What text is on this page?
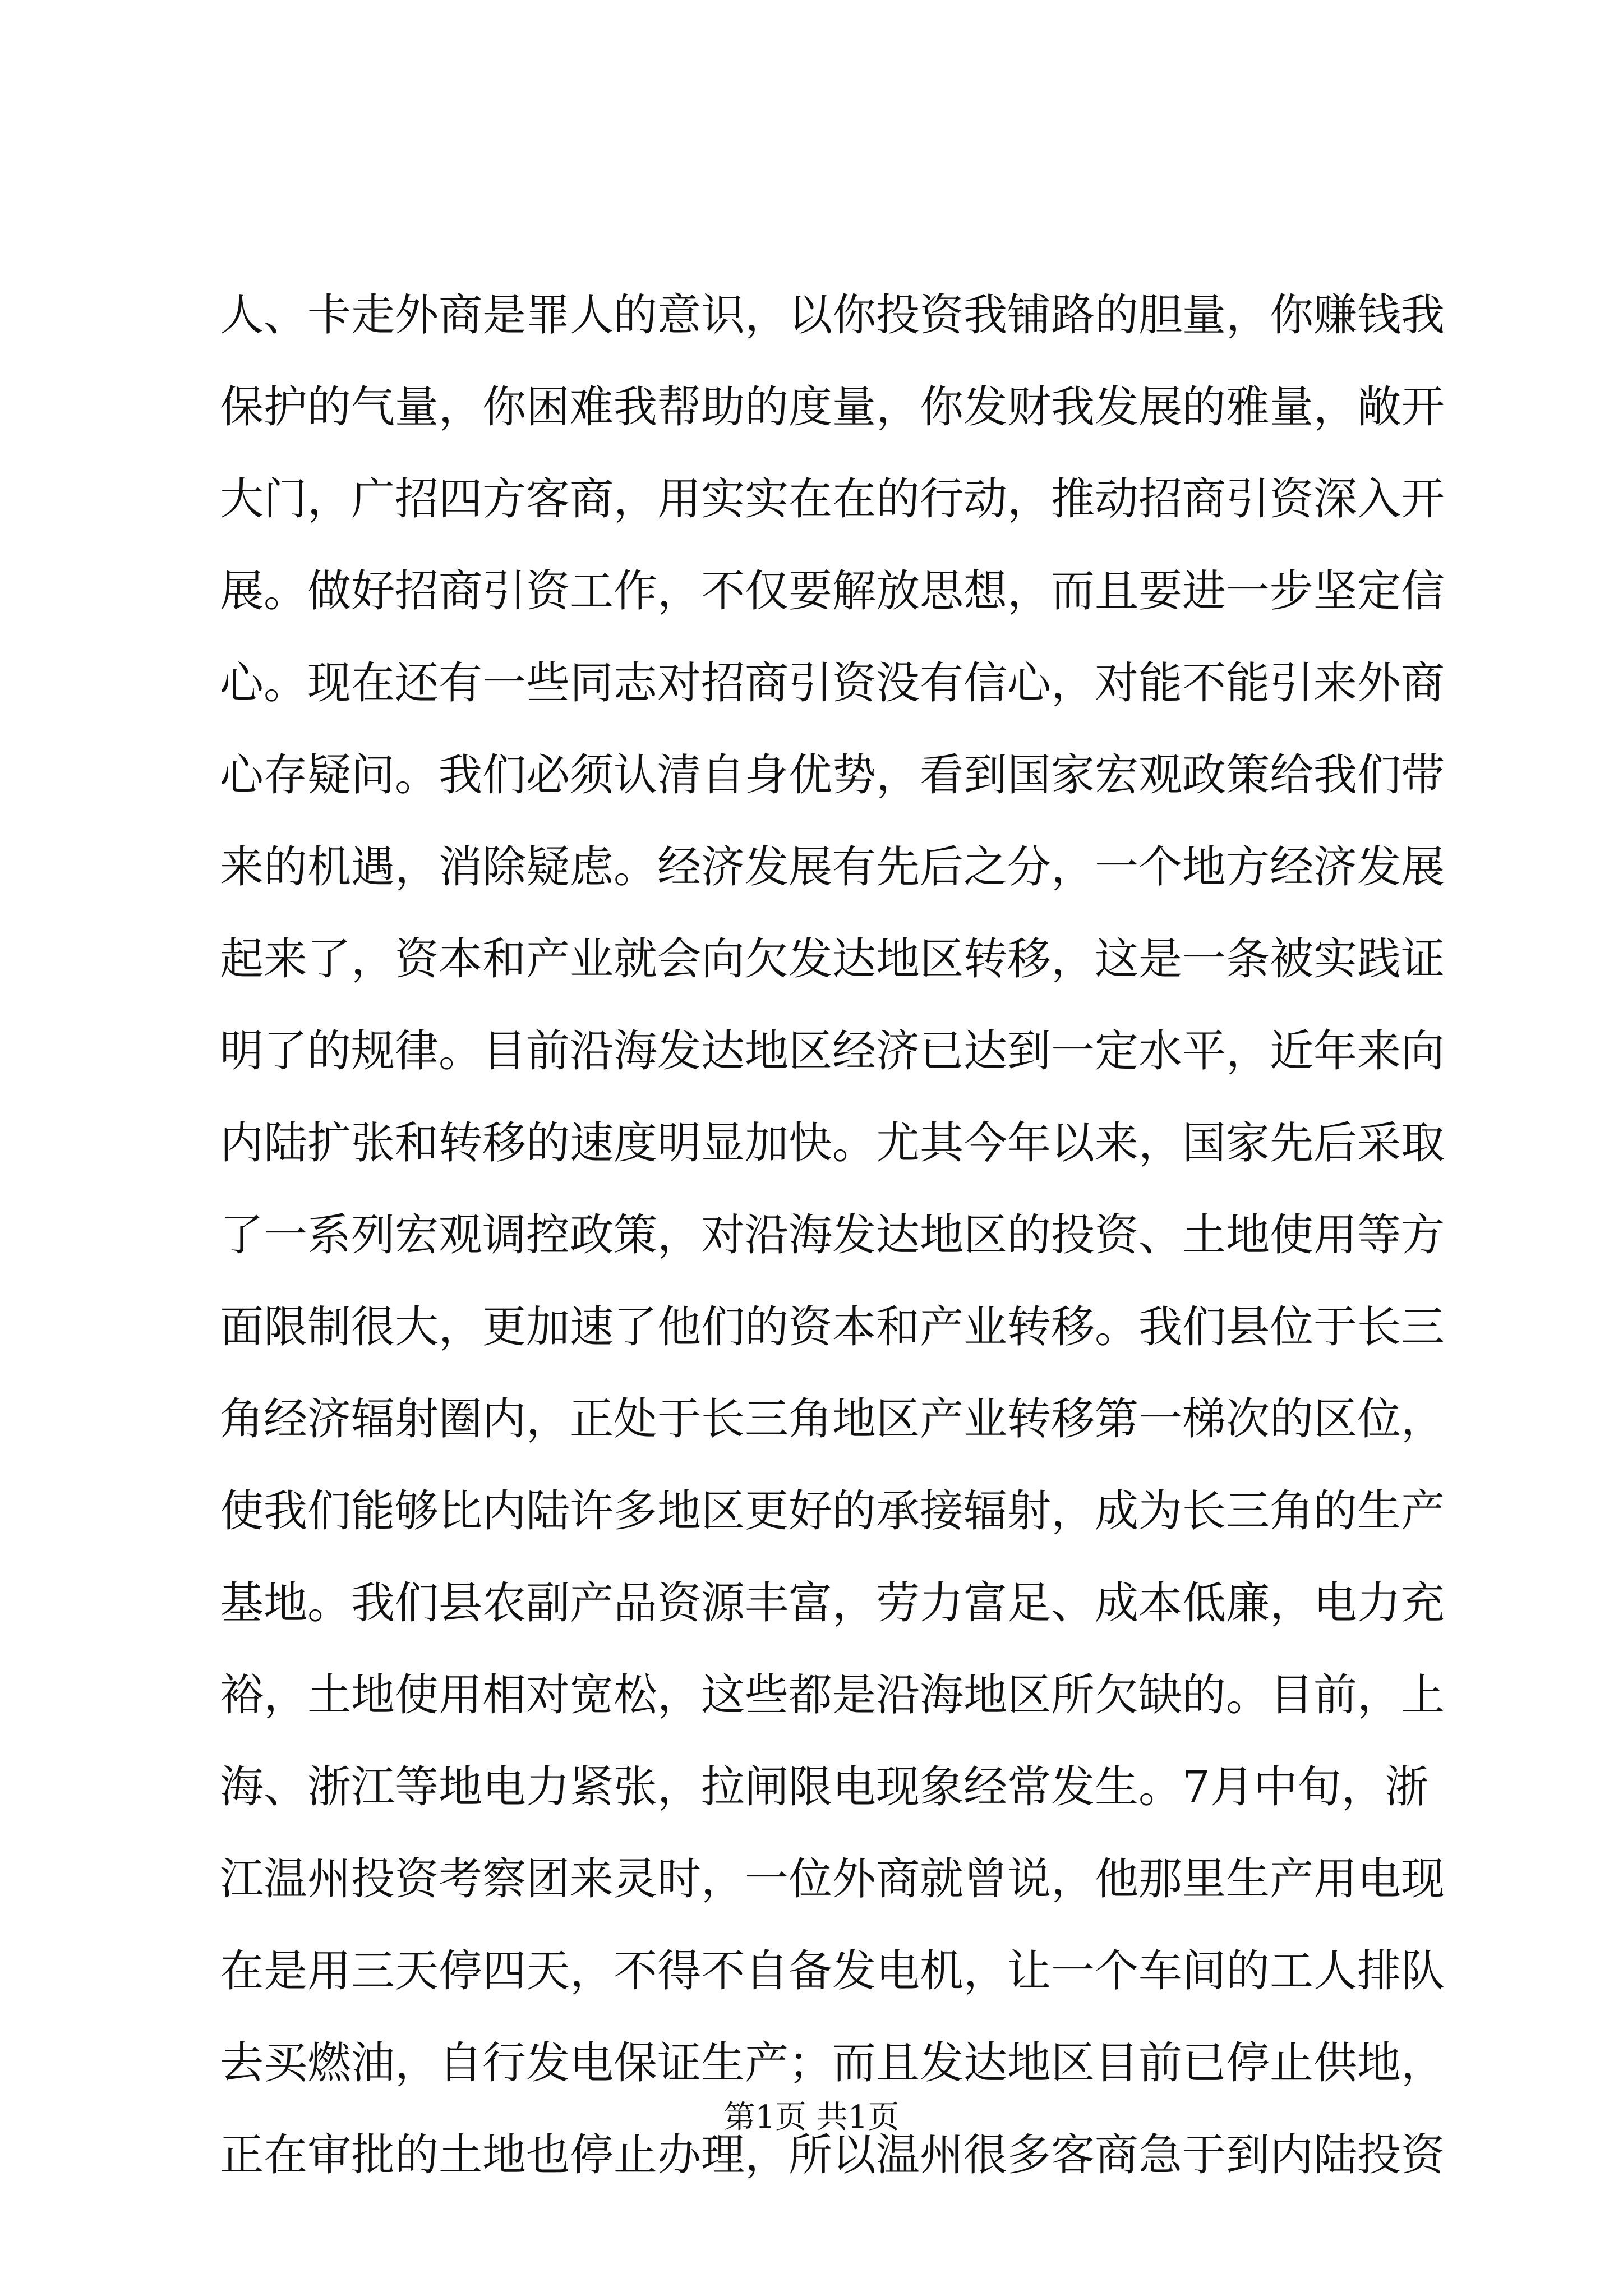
人、卡走外商是罪人的意识，以你投资我铺路的胆量，你赚钱我
保护的气量，你困难我帮助的度量，你发财我发展的雅量，敞开
大门，广招四方客商，用实实在在的行动，推动招商引资深入开
展。做好招商引资工作，不仅要解放思想，而且要进一步坚定信
心。现在还有一些同志对招商引资没有信心，对能不能引来外商
心存疑问。我们必须认清自身优势，看到国家宏观政策给我们带
来的机遇，消除疑虑。经济发展有先后之分，一个地方经济发展
起来了，资本和产业就会向欠发达地区转移，这是一条被实践证
明了的规律。目前沿海发达地区经济已达到一定水平，近年来向
内陆扩张和转移的速度明显加快。尤其今年以来，国家先后采取
了一系列宏观调控政策，对沿海发达地区的投资、土地使用等方
面限制很大，更加速了他们的资本和产业转移。我们县位于长三
角经济辐射圈内，正处于长三角地区产业转移第一梯次的区位，
使我们能够比内陆许多地区更好的承接辐射，成为长三角的生产
基地。我们县农副产品资源丰富，劳力富足、成本低廉，电力充
裕，土地使用相对宽松，这些都是沿海地区所欠缺的。目前，上
海、浙江等地电力紧张，拉闸限电现象经常发生。7月中旬，浙
江温州投资考察团来灵时，一位外商就曾说，他那里生产用电现
在是用三天停四天，不得不自备发电机，让一个车间的工人排队
去买燃油，自行发电保证生产；而且发达地区目前已停止供地，
正在审批的土地也停止办理，所以温州很多客商急于到内陆投资
第1页 共1页
